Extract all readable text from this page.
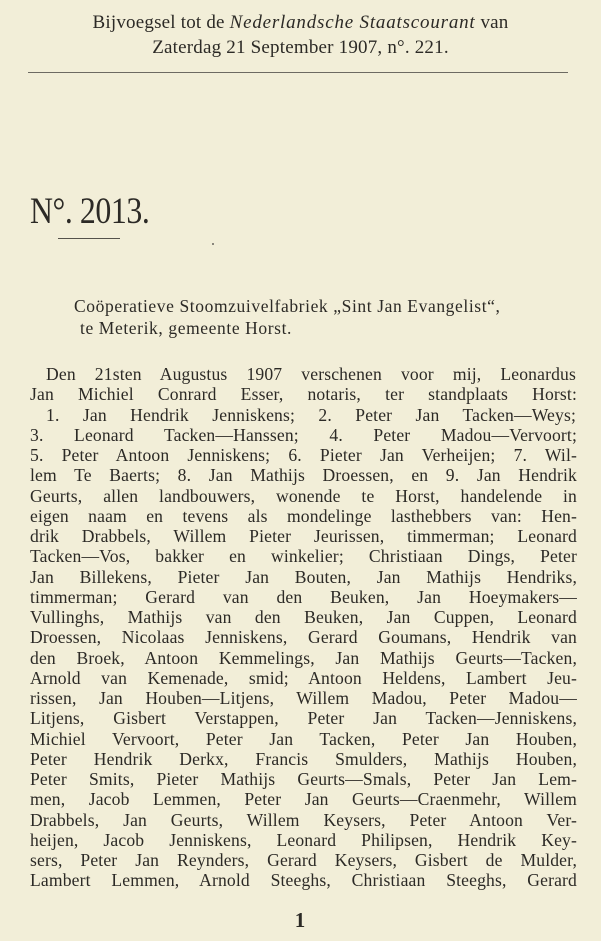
Bijvoegsel tot de Nederlandsche Staatscourant van
Zaterdag 21 September 1907, n°. 221.
N°. 2013.
Coöperatieve Stoomzuivelfabriek „Sint Jan Evangelist“,
te Meterik, gemeente Horst.
Den 21sten Augustus 1907 verschenen voor mij, Leonardus
Jan Michiel Conrard Esser, notaris, ter standplaats Horst:
1. Jan Hendrik Jenniskens; 2. Peter Jan Tacken—Weys;
3. Leonard Tacken—Hanssen; 4. Peter Madou—Vervoort;
5. Peter Antoon Jenniskens; 6. Pieter Jan Verheijen; 7. Wil-
lem Te Baerts; 8. Jan Mathijs Droessen, en 9. Jan Hendrik
Geurts, allen landbouwers, wonende te Horst, handelende in
eigen naam en tevens als mondelinge lasthebbers van: Hen-
drik Drabbels, Willem Pieter Jeurissen, timmerman; Leonard
Tacken—Vos, bakker en winkelier; Christiaan Dings, Peter
Jan Billekens, Pieter Jan Bouten, Jan Mathijs Hendriks,
timmerman; Gerard van den Beuken, Jan Hoeymakers—
Vullinghs, Mathijs van den Beuken, Jan Cuppen, Leonard
Droessen, Nicolaas Jenniskens, Gerard Goumans, Hendrik van
den Broek, Antoon Kemmelings, Jan Mathijs Geurts—Tacken,
Arnold van Kemenade, smid; Antoon Heldens, Lambert Jeu-
rissen, Jan Houben—Litjens, Willem Madou, Peter Madou—
Litjens, Gisbert Verstappen, Peter Jan Tacken—Jenniskens,
Michiel Vervoort, Peter Jan Tacken, Peter Jan Houben,
Peter Hendrik Derkx, Francis Smulders, Mathijs Houben,
Peter Smits, Pieter Mathijs Geurts—Smals, Peter Jan Lem-
men, Jacob Lemmen, Peter Jan Geurts—Craenmehr, Willem
Drabbels, Jan Geurts, Willem Keysers, Peter Antoon Ver-
heijen, Jacob Jenniskens, Leonard Philipsen, Hendrik Key-
sers, Peter Jan Reynders, Gerard Keysers, Gisbert de Mulder,
Lambert Lemmen, Arnold Steeghs, Christiaan Steeghs, Gerard
1
